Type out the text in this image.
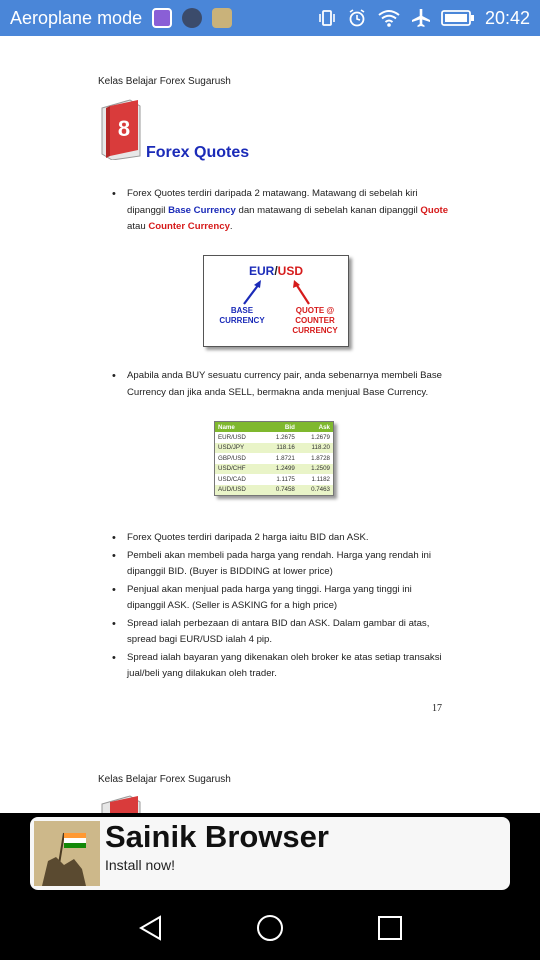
Aeroplane mode	20:42
Kelas Belajar Forex Sugarush
8
Forex Quotes
•	Forex Quotes terdiri daripada 2 matawang. Matawang di sebelah kiri dipanggil Base Currency dan matawang di sebelah kanan dipanggil Quote atau Counter Currency.
EUR/USD
BASE
CURRENCY
QUOTE @
COUNTER
CURRENCY
•	Apabila anda BUY sesuatu currency pair, anda sebenarnya membeli Base Currency dan jika anda SELL, bermakna anda menjual Base Currency.
Name	Bid	Ask
EUR/USD	1.2675	1.2679
USD/JPY	118.16	118.20
GBP/USD	1.8721	1.8728
USD/CHF	1.2499	1.2509
USD/CAD	1.1175	1.1182
AUD/USD	0.7458	0.7463
•	Forex Quotes terdiri daripada 2 harga iaitu BID dan ASK.
•	Pembeli akan membeli pada harga yang rendah. Harga yang rendah ini dipanggil BID. (Buyer is BIDDING at lower price)
•	Penjual akan menjual pada harga yang tinggi. Harga yang tinggi ini dipanggil ASK. (Seller is ASKING for a high price)
•	Spread ialah perbezaan di antara BID dan ASK. Dalam gambar di atas, spread bagi EUR/USD ialah 4 pip.
•	Spread ialah bayaran yang dikenakan oleh broker ke atas setiap transaksi jual/beli yang dilakukan oleh trader.
17
Kelas Belajar Forex Sugarush
Sainik Browser
Install now!
